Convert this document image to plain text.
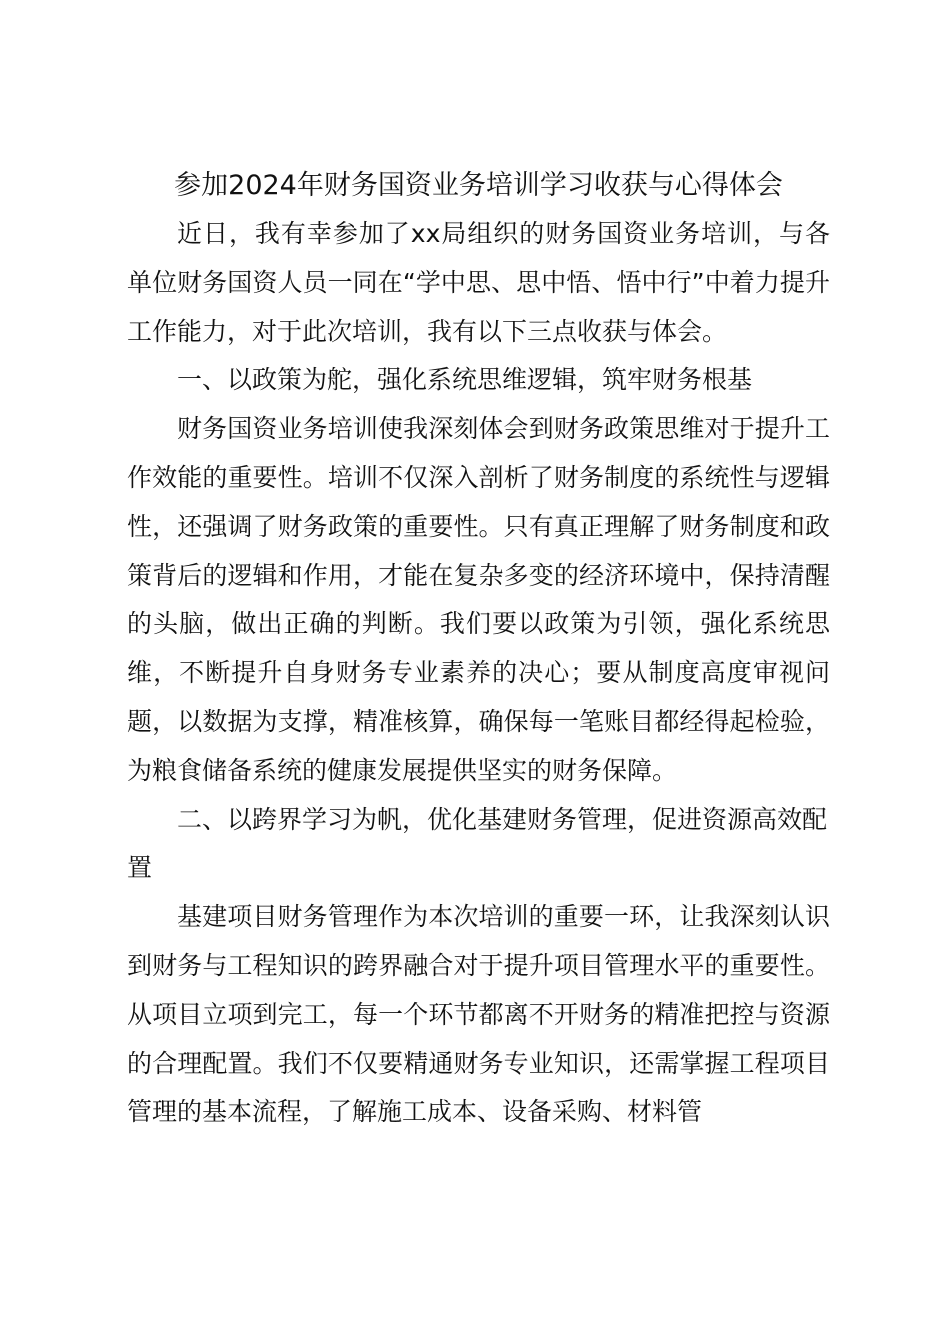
参加2024年财务国资业务培训学习收获与心得体会

近日，我有幸参加了xx局组织的财务国资业务培训，与各单位财务国资人员一同在“学中思、思中悟、悟中行”中着力提升工作能力，对于此次培训，我有以下三点收获与体会。

一、以政策为舵，强化系统思维逻辑，筑牢财务根基

财务国资业务培训使我深刻体会到财务政策思维对于提升工作效能的重要性。培训不仅深入剖析了财务制度的系统性与逻辑性，还强调了财务政策的重要性。只有真正理解了财务制度和政策背后的逻辑和作用，才能在复杂多变的经济环境中，保持清醒的头脑，做出正确的判断。我们要以政策为引领，强化系统思维，不断提升自身财务专业素养的决心；要从制度高度审视问题，以数据为支撑，精准核算，确保每一笔账目都经得起检验，为粮食储备系统的健康发展提供坚实的财务保障。

二、以跨界学习为帆，优化基建财务管理，促进资源高效配置

基建项目财务管理作为本次培训的重要一环，让我深刻认识到财务与工程知识的跨界融合对于提升项目管理水平的重要性。从项目立项到完工，每一个环节都离不开财务的精准把控与资源的合理配置。我们不仅要精通财务专业知识，还需掌握工程项目管理的基本流程，了解施工成本、设备采购、材料管
